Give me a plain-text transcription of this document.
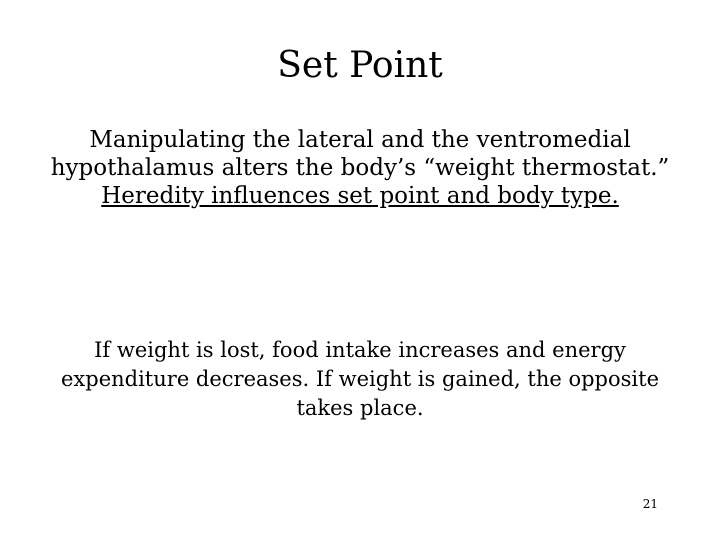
Set Point
Manipulating the lateral and the ventromedial hypothalamus alters the body’s “weight thermostat.” Heredity influences set point and body type.
If weight is lost, food intake increases and energy expenditure decreases. If weight is gained, the opposite takes place.
21
